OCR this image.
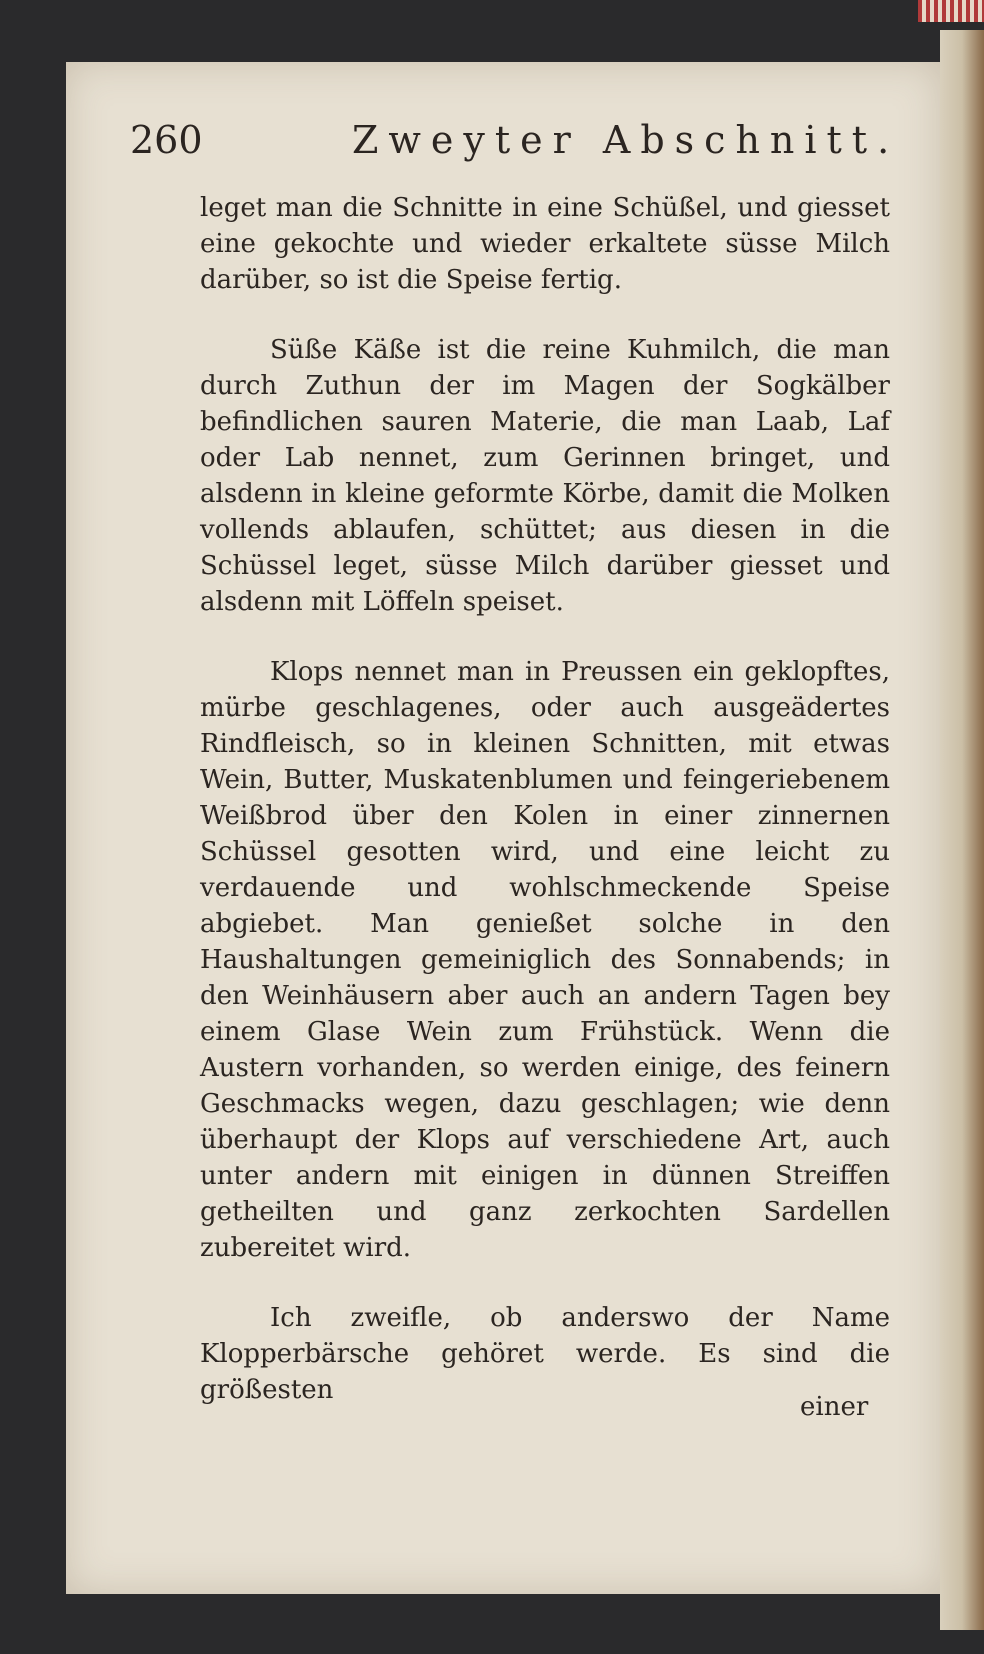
260	Zweyter Abschnitt.

leget man die Schnitte in eine Schüßel, und giesset eine gekochte und wieder erkaltete süsse Milch darüber, so ist die Speise fertig.

Süße Käße ist die reine Kuhmilch, die man durch Zuthun der im Magen der Sogkälber befindlichen sauren Materie, die man Laab, Laf oder Lab nennet, zum Gerinnen bringet, und alsdenn in kleine geformte Körbe, damit die Molken vollends ablaufen, schüttet; aus diesen in die Schüssel leget, süsse Milch darüber giesset und alsdenn mit Löffeln speiset.

Klops nennet man in Preussen ein geklopftes, mürbe geschlagenes, oder auch ausgeädertes Rindfleisch, so in kleinen Schnitten, mit etwas Wein, Butter, Muskatenblumen und feingeriebenem Weißbrod über den Kolen in einer zinnernen Schüssel gesotten wird, und eine leicht zu verdauende und wohlschmeckende Speise abgiebet. Man genießet solche in den Haushaltungen gemeiniglich des Sonnabends; in den Weinhäusern aber auch an andern Tagen bey einem Glase Wein zum Frühstück. Wenn die Austern vorhanden, so werden einige, des feinern Geschmacks wegen, dazu geschlagen; wie denn überhaupt der Klops auf verschiedene Art, auch unter andern mit einigen in dünnen Streiffen getheilten und ganz zerkochten Sardellen zubereitet wird.

Ich zweifle, ob anderswo der Name Klopperbärsche gehöret werde. Es sind die größesten

einer
